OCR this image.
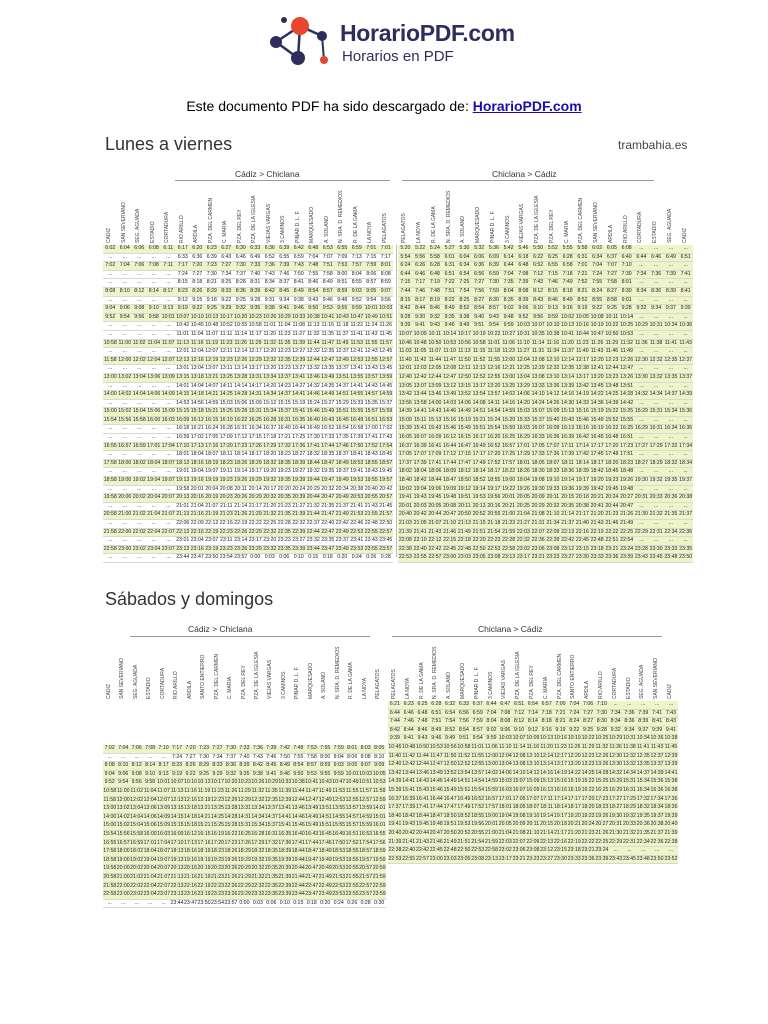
HorarioPDF.com
Horarios en PDF
Este documento PDF ha sido descargado de: HorarioPDF.com
Lunes a viernes	trambahia.es
Cádiz > Chiclana	Chiclana > Cádiz
CADIZ SAN SEVERIANO SEG. AGUADA ESTADIO CORTADURA RIO ARILLO ARDILA PZA. DEL CARMEN C. MARIA PZA. DEL REY PZA. DE LA IGLESIA VIEJAS VARGAS 3 CAMINOS PINAR D. L. F. MARQUESADO A. SOLANO N. SRA. D. REMEDIOS R. DE LA GAMA LA NOYA PELAGATOS	PELAGATOS LA NOYA R. DE LA GAMA N. SRA. D. REMEDIOS A. SOLANO MARQUESADO PINAR D. L. F. 3 CAMINOS VIEJAS VARGAS PZA. DE LA IGLESIA PZA. DEL REY C. MARIA PZA. DEL CARMEN SAN SEVERIANO ARDILA RIO ARILLO CORTADURA ESTADIO SEG. AGUADA CADIZ
6:02	6:04	6:06	6:08	6:11	6:17	6:20	6:23	6:27	6:30	6:33	6:36	6:39	6:42	6:48	6:53	6:55	6:59	7:01	7:01
...	...	...	...	...	6:33	6:36	6:39	6:43	6:46	6:49	6:52	6:55	6:59	7:04	7:07	7:09	7:13	7:15	7:17
7:02	7:04	7:06	7:08	7:11	7:17	7:20	7:23	7:27	7:30	7:33	7:36	7:39	7:43	7:48	7:51	7:53	7:57	7:59	8:01
...	...	...	...	...	7:24	7:27	7:30	7:34	7:37	7:40	7:43	7:46	7:50	7:55	7:58	8:00	8:04	8:06	8:08
...	...	...	...	...	8:15	8:18	8:21	8:25	8:28	8:31	8:34	8:37	8:41	8:46	8:49	8:51	8:55	8:57	8:59
8:08	8:10	8:12	8:14	8:17	8:23	8:26	8:29	8:33	8:36	8:39	8:42	8:45	8:49	8:54	8:57	8:59	9:03	9:05	9:07
...	...	...	...	...	9:12	9:15	9:18	9:22	9:25	9:28	9:31	9:34	9:38	9:43	9:46	9:48	9:52	9:54	9:56
9:04	9:06	9:08	9:10	9:13	9:19	9:22	9:25	9:29	9:32	9:35	9:38	9:41	9:46	9:50	9:53	9:55	9:59	10:01	10:03
9:52	9:54	9:56	9:58	10:01	10:07	10:10	10:13	10:17	10:20	10:23	10:26	10:29	10:33	10:38	10:41	10:43	10:47	10:49	10:51
...	...	...	...	...	10:42	10:45	10:48	10:52	10:55	10:58	11:01	11:04	11:08	11:13	11:16	11:18	11:22	11:24	11:26
...	...	...	...	...	11:01	11:04	11:07	11:11	11:14	11:17	11:20	11:23	11:27	11:32	11:35	11:37	11:41	11:43	11:45
10:58	11:00	11:02	11:04	11:07	11:13	11:16	11:19	11:23	11:26	11:29	11:32	11:35	11:39	11:44	11:47	11:49	11:53	11:55	11:57
...	...	...	...	...	12:01	12:04	12:07	12:11	12:14	12:17	12:20	12:23	12:27	12:32	12:35	12:37	12:41	12:43	12:45
11:58	12:00	12:02	12:04	12:07	12:13	12:16	12:19	12:23	12:26	12:29	12:32	12:35	12:39	12:44	12:47	12:49	12:53	12:55	12:57
...	...	...	...	...	13:01	13:04	13:07	13:11	13:14	13:17	13:20	13:23	13:27	13:32	13:35	13:37	13:41	13:43	13:45
13:00	13:02	13:04	13:06	13:09	13:15	13:18	13:21	13:25	13:28	13:31	13:34	13:37	13:41	13:46	13:49	13:51	13:55	13:57	13:59
...	...	...	...	...	14:01	14:04	14:07	14:11	14:14	14:17	14:20	14:23	14:27	14:32	14:35	14:37	14:41	14:43	14:45
14:00	14:02	14:04	14:06	14:09	14:15	14:18	14:21	14:25	14:28	14:31	14:34	14:37	14:41	14:46	14:49	14:51	14:55	14:57	14:59
...	...	...	...	...	14:53	14:56	14:59	15:03	15:06	15:09	15:12	15:15	15:19	15:24	15:27	15:29	15:33	15:35	15:37
15:00	15:02	15:04	15:06	15:09	15:15	15:18	15:21	15:25	15:28	15:31	15:34	15:37	15:41	15:46	15:49	15:51	15:55	15:57	15:59
15:54	15:56	15:58	16:00	16:03	16:09	16:12	16:15	16:19	16:22	16:25	16:28	16:31	16:35	16:40	16:43	16:45	16:49	16:51	16:53
...	...	...	...	...	16:18	16:21	16:24	16:28	16:31	16:34	16:37	16:40	16:44	16:49	16:52	16:54	16:58	17:00	17:02
...	...	...	...	...	16:59	17:02	17:05	17:09	17:12	17:15	17:18	17:21	17:25	17:30	17:33	17:35	17:39	17:41	17:43
16:55	16:57	16:59	17:01	17:04	17:10	17:13	17:16	17:20	17:23	17:26	17:29	17:32	17:36	17:41	17:44	17:46	17:50	17:52	17:54
...	...	...	...	...	18:01	18:04	18:07	18:11	18:14	18:17	18:20	18:23	18:27	18:32	18:35	18:37	18:41	18:43	18:45
17:58	18:00	18:02	18:04	18:07	18:13	18:16	18:19	18:23	18:26	18:29	18:32	18:35	18:39	18:44	18:47	18:49	18:53	18:55	18:57
...	...	...	...	...	19:01	19:04	19:07	19:11	19:14	19:17	19:20	19:23	19:27	19:32	19:35	19:37	19:41	19:43	19:45
18:58	19:00	19:02	19:04	19:07	19:13	19:16	19:19	19:23	19:26	19:29	19:32	19:35	19:39	19:44	19:47	19:49	19:53	19:55	19:57
...	...	...	...	...	19:58	20:01	20:04	20:08	20:11	20:14	20:17	20:20	20:24	20:29	20:32	20:34	20:38	20:40	20:42
19:58	20:00	20:02	20:04	20:07	20:13	20:16	20:19	20:23	20:26	20:29	20:32	20:35	20:39	20:44	20:47	20:49	20:53	20:55	20:57
...	...	...	...	...	21:01	21:04	21:07	21:11	21:14	21:17	21:20	21:23	21:27	21:32	21:35	21:37	21:41	21:43	21:45
20:58	21:00	21:02	21:04	21:07	21:13	21:16	21:19	21:23	21:26	21:29	21:32	21:35	21:39	21:44	21:47	21:49	21:53	21:55	21:57
...	...	...	...	...	22:06	22:09	22:12	22:16	22:19	22:22	22:25	22:28	22:32	22:37	22:40	22:42	22:46	22:48	22:50
21:58	22:00	22:02	22:04	22:07	22:13	22:16	22:19	22:23	22:26	22:29	22:32	22:35	22:39	22:44	22:47	22:49	22:53	22:55	22:57
...	...	...	...	...	23:01	23:04	23:07	23:11	23:14	23:17	23:20	23:23	23:27	23:32	23:35	23:37	23:41	23:43	23:45
22:58	23:00	23:02	23:04	23:07	23:13	23:16	23:19	23:23	23:26	23:29	23:32	23:35	23:39	23:44	23:47	23:49	23:53	23:55	23:57
...	...	...	...	...	23:44	23:47	23:50	23:54	23:57	0:00	0:03	0:06	0:10	0:15	0:18	0:20	0:24	0:26	0:28
5:20	5:22	5:24	5:27	5:30	5:32	5:36	5:42	5:46	5:50	5:52	5:55	5:58	6:02	6:05	6:08	...	...	...	...
5:54	5:56	5:58	6:01	6:04	6:06	6:09	6:14	6:18	6:22	6:25	6:28	6:31	6:34	6:37	6:40	6:44	6:46	6:49	6:51
6:24	6:26	6:28	6:31	6:34	6:36	6:39	6:44	6:48	6:52	6:55	6:58	7:01	7:04	7:07	7:10	...	...	...	...
6:44	6:46	6:48	6:51	6:54	6:56	6:59	7:04	7:08	7:12	7:15	7:18	7:21	7:24	7:27	7:30	7:34	7:36	7:39	7:41
7:15	7:17	7:19	7:22	7:25	7:27	7:30	7:35	7:39	7:43	7:46	7:49	7:52	7:55	7:58	8:01	...	...	...	...
7:44	7:46	7:48	7:51	7:54	7:56	7:59	8:04	8:08	8:12	8:15	8:18	8:21	8:24	8:27	8:30	8:34	8:36	8:39	8:41
8:15	8:17	8:19	8:22	8:25	8:27	8:30	8:35	8:39	8:43	8:46	8:49	8:52	8:55	8:58	9:01	...	...	...	...
8:42	8:44	8:46	8:49	8:52	8:54	8:57	9:02	9:06	9:10	9:13	9:16	9:19	9:22	9:25	9:28	9:32	9:34	9:37	9:39
9:28	9:30	9:32	9:35	9:38	9:40	9:43	9:48	9:52	9:56	9:59	10:02	10:05	10:08	10:11	10:14	...	...	...	...
9:39	9:41	9:43	9:46	9:49	9:51	9:54	9:59	10:03	10:07	10:10	10:13	10:16	10:19	10:22	10:25	10:29	10:31	10:34	10:36
10:07	10:09	10:11	10:14	10:17	10:19	10:22	10:27	10:31	10:35	10:38	10:41	10:44	10:47	10:50	10:53	...	...	...	...
10:46	10:48	10:50	10:53	10:56	10:58	11:01	11:06	11:10	11:14	11:16	11:20	11:23	11:26	11:29	11:32	11:36	11:38	11:41	11:43
11:03	11:05	11:07	11:10	11:13	11:15	11:18	11:23	11:27	11:31	11:34	11:37	11:40	11:43	11:46	11:49	...	...	...	...
11:40	11:42	11:44	11:47	11:50	11:52	11:55	12:00	12:04	12:08	12:10	12:14	12:17	12:20	12:23	12:26	12:30	12:32	12:35	12:37
12:01	12:03	12:05	12:08	12:11	12:13	12:16	12:21	12:25	12:29	12:32	12:35	12:38	12:41	12:44	12:47	...	...	...	...
12:40	12:42	12:44	12:47	12:50	12:52	12:55	13:00	13:04	13:08	13:10	13:14	13:17	13:20	13:23	13:26	13:30	13:32	13:35	13:37
13:05	13:07	13:09	13:12	13:15	13:17	13:20	13:25	13:29	13:33	13:36	13:39	13:42	13:45	13:48	13:51	...	...	...	...
13:42	13:44	13:46	13:49	13:52	13:54	13:57	14:02	14:06	14:10	14:12	14:16	14:19	14:22	14:25	14:28	14:32	14:34	14:37	14:39
13:56	13:58	14:00	14:03	14:06	14:08	14:11	14:16	14:20	14:24	14:26	14:30	14:33	14:36	14:39	14:42	...	...	...	...
14:39	14:41	14:43	14:46	14:49	14:51	14:54	14:59	15:03	15:07	15:09	15:13	15:16	15:19	15:22	15:25	15:29	15:31	15:34	15:36
15:09	15:11	15:13	15:16	15:19	15:21	15:24	15:29	15:33	15:37	15:40	15:43	15:46	15:49	15:52	15:55	...	...	...	...
15:39	15:41	15:43	15:46	15:49	15:51	15:54	15:59	16:03	16:07	16:09	16:13	16:16	16:19	16:22	16:25	16:29	16:31	16:34	16:36
16:05	16:07	16:09	16:12	16:15	16:17	16:20	16:25	16:29	16:33	16:36	16:39	16:42	16:45	16:48	16:51	...	...	...	...
16:37	16:39	16:41	16:44	16:47	16:49	16:52	16:57	17:01	17:05	17:07	17:11	17:14	17:17	17:20	17:23	17:27	17:29	17:32	17:34
17:05	17:07	17:09	17:12	17:15	17:17	17:20	17:25	17:29	17:33	17:36	17:39	17:42	17:45	17:48	17:51	...	...	...	...
17:37	17:39	17:41	17:44	17:47	17:49	17:52	17:57	18:01	18:05	18:07	18:11	18:14	18:17	18:20	18:23	18:27	18:29	18:32	18:34
18:02	18:04	18:06	18:09	18:12	18:14	18:17	18:22	18:26	18:30	18:33	18:36	18:39	18:42	18:45	18:48	...	...	...	...
18:40	18:42	18:44	18:47	18:50	18:52	18:55	19:00	19:04	19:08	19:10	19:14	19:17	19:20	19:23	19:26	19:30	19:32	19:35	19:37
19:02	19:04	19:06	19:09	19:12	19:14	19:17	19:22	19:26	19:30	19:33	19:36	19:39	19:42	19:45	19:48	...	...	...	...
19:41	19:43	19:45	19:48	19:51	19:53	19:56	20:01	20:05	20:09	20:11	20:15	20:18	20:21	20:24	20:27	20:31	20:33	20:36	20:38
20:01	20:03	20:05	20:08	20:11	20:13	20:16	20:21	20:25	20:29	20:32	20:35	20:38	20:41	20:44	20:47	...	...	...	...
20:40	20:42	20:44	20:47	20:50	20:52	20:55	21:00	21:04	21:08	21:10	21:14	21:17	21:20	21:23	21:26	21:30	21:32	21:35	21:37
21:03	21:05	21:07	21:10	21:13	21:15	21:18	21:23	21:27	21:31	21:34	21:37	21:40	21:43	21:46	21:49	...	...	...	...
21:39	21:41	21:43	21:46	21:49	21:51	21:54	21:59	22:03	22:07	22:09	22:13	22:16	22:19	22:22	22:25	22:29	22:31	22:34	22:36
22:08	22:10	22:12	22:15	22:18	22:20	22:23	22:28	22:32	22:36	22:39	22:42	22:45	22:48	22:51	22:54	...	...	...	...
22:38	22:40	22:42	22:45	22:48	22:50	22:53	22:58	23:02	23:06	23:08	23:12	23:15	23:18	23:21	23:24	23:28	23:30	23:33	23:35
22:53	22:55	22:57	23:00	23:03	23:05	23:08	23:13	23:17	23:21	23:23	23:27	23:30	23:33	23:36	23:39	23:43	23:45	23:48	23:50
Sábados y domingos
Cádiz > Chiclana	Chiclana > Cádiz
CADIZ SAN SEVERIANO SEG. AGUADA ESTADIO CORTADURA RIO ARILLO ARDILA SANTO ENTIERRO PZA. DEL CARMEN C. MARIA PZA. DEL REY PZA. DE LA IGLESIA VIEJAS VARGAS 3 CAMINOS PINAR D. L. F. MARQUESADO A. SOLANO N. SRA. D. REMEDIOS R. DE LA GAMA LA NOYA PELAGATOS PELAGATOS LA NOYA R. DE LA GAMA N. SRA. D. REMEDIOS A. SOLANO MARQUESADO PINAR D. L. F. 3 CAMINOS VIEJAS VARGAS PZA. DE LA IGLESIA PZA. DEL REY C. MARIA PZA. DEL CARMEN SANTO ENTIERRO ARDILA RIO ARILLO CORTADURA ESTADIO SEG. AGUADA SAN SEVERIANO CADIZ
7:02	7:04	7:06	7:08	7:10	7:17	7:20	7:23	7:27	7:30	7:33	7:36	7:39	7:42	7:48	7:53	7:55	7:59	8:01	8:03	8:05
...	...	...	...	...	7:24	7:27	7:30	7:34	7:37	7:40	7:43	7:46	7:50	7:55	7:58	8:00	8:04	8:06	8:08	8:10
8:08	8:10	8:12	8:14	8:17	8:23	8:26	8:29	8:33	8:36	8:39	8:42	8:45	8:49	8:54	8:57	8:59	9:03	9:05	9:07	9:09
9:04	9:06	9:08	9:10	9:13	9:19	9:22	9:25	9:29	9:32	9:35	9:38	9:41	9:46	9:50	9:53	9:55	9:59	10:01	10:03	10:05
9:52	9:54	9:56	9:58	10:01	10:07	10:10	10:13	10:17	10:20	10:23	10:26	10:29	10:33	10:38	10:41	10:43	10:47	10:49	10:51	10:53
10:58	11:00	11:02	11:04	11:07	11:13	11:16	11:19	11:23	11:26	11:29	11:32	11:35	11:39	11:44	11:47	11:49	11:53	11:55	11:57	11:59
11:58	12:00	12:02	12:04	12:07	12:13	12:16	12:19	12:23	12:26	12:29	12:32	12:35	12:39	12:44	12:47	12:49	12:53	12:55	12:57	12:59
13:00	13:02	13:04	13:06	13:09	13:15	13:18	13:21	13:25	13:28	13:31	13:34	13:37	13:41	13:46	13:49	13:51	13:55	13:57	13:59	14:01
14:00	14:02	14:04	14:06	14:09	14:15	14:18	14:21	14:25	14:28	14:31	14:34	14:37	14:41	14:46	14:49	14:51	14:55	14:57	14:59	15:01
15:00	15:02	15:04	15:06	15:09	15:15	15:18	15:21	15:25	15:28	15:31	15:34	15:37	15:41	15:46	15:49	15:51	15:55	15:57	15:59	16:01
15:54	15:56	15:58	16:00	16:03	16:09	16:12	16:15	16:19	16:22	16:25	16:28	16:31	16:35	16:40	16:43	16:45	16:49	16:51	16:53	16:55
16:55	16:57	16:59	17:01	17:04	17:10	17:13	17:16	17:20	17:23	17:26	17:29	17:32	17:36	17:41	17:44	17:46	17:50	17:52	17:54	17:56
17:58	18:00	18:02	18:04	18:07	18:13	18:16	18:19	18:23	18:26	18:29	18:32	18:35	18:39	18:44	18:47	18:49	18:53	18:55	18:57	18:59
18:58	19:00	19:02	19:04	19:07	19:13	19:16	19:19	19:23	19:26	19:29	19:32	19:35	19:39	19:44	19:47	19:49	19:53	19:55	19:57	19:59
19:58	20:00	20:02	20:04	20:07	20:13	20:16	20:19	20:23	20:26	20:29	20:32	20:35	20:39	20:44	20:47	20:49	20:53	20:55	20:57	20:59
20:58	21:00	21:02	21:04	21:07	21:13	21:16	21:19	21:23	21:26	21:29	21:32	21:35	21:39	21:44	21:47	21:49	21:53	21:55	21:57	21:59
21:58	22:00	22:02	22:04	22:07	22:13	22:16	22:19	22:23	22:26	22:29	22:32	22:35	22:39	22:44	22:47	22:49	22:53	22:55	22:57	22:59
22:58	23:00	23:02	23:04	23:07	23:13	23:16	23:19	23:23	23:26	23:29	23:32	23:35	23:39	23:44	23:47	23:49	23:53	23:55	23:57	23:59
...	...	...	...	...	23:44	23:47	23:50	23:54	23:57	0:00	0:03	0:06	0:10	0:15	0:18	0:20	0:24	0:26	0:28	0:30
6:21	6:23	6:25	6:28	6:32	6:33	6:37	6:44	6:47	6:51	6:54	6:57	7:00	7:04	7:06	7:10	...	...	...	...	...
6:44	6:46	6:48	6:51	6:54	6:56	6:59	7:04	7:08	7:12	7:14	7:18	7:21	7:24	7:27	7:30	7:34	7:36	7:39	7:41	7:43
7:44	7:46	7:48	7:51	7:54	7:56	7:59	8:04	8:08	8:12	8:14	8:18	8:21	8:24	8:27	8:30	8:34	8:36	8:39	8:41	8:43
8:42	8:44	8:46	8:49	8:52	8:54	8:57	9:02	9:06	9:10	9:12	9:16	9:19	9:22	9:25	9:28	9:32	9:34	9:37	9:39	9:41
9:39	9:41	9:43	9:46	9:49	9:51	9:54	9:59	10:03	10:07	10:09	10:13	10:16	10:19	10:22	10:25	10:29	10:31	10:34	10:36	10:38
10:46	10:48	10:50	10:53	10:56	10:58	11:01	11:06	11:10	11:14	11:16	11:20	11:23	11:26	11:29	11:32	11:36	11:38	11:41	11:43	11:45
11:40	11:42	11:44	11:47	11:50	11:52	11:55	12:00	12:04	12:08	12:10	12:14	12:17	12:20	12:23	12:26	12:30	12:32	12:35	12:37	12:39
12:40	12:42	12:44	12:47	12:50	12:52	12:55	13:00	13:04	13:08	13:10	13:14	13:17	13:20	13:23	13:26	13:30	13:32	13:35	13:37	13:39
13:42	13:44	13:46	13:49	13:52	13:54	13:57	14:02	14:06	14:10	14:12	14:16	14:19	14:22	14:25	14:28	14:32	14:34	14:37	14:39	14:41
14:39	14:41	14:43	14:46	14:49	14:51	14:54	14:59	15:03	15:07	15:09	15:13	15:16	15:19	15:22	15:25	15:29	15:31	15:34	15:36	15:38
15:39	15:41	15:43	15:46	15:49	15:51	15:54	15:59	16:03	16:07	16:09	16:13	16:16	16:19	16:22	16:25	16:29	16:31	16:34	16:36	16:38
16:37	16:39	16:41	16:44	16:47	16:49	16:52	16:57	17:01	17:05	17:07	17:11	17:14	17:17	17:20	17:23	17:27	17:29	17:32	17:34	17:36
17:37	17:39	17:41	17:44	17:47	17:49	17:52	17:57	18:01	18:05	18:07	18:11	18:14	18:17	18:20	18:23	18:27	18:29	18:32	18:34	18:36
18:40	18:42	18:44	18:47	18:50	18:52	18:55	19:00	19:04	19:08	19:10	19:14	19:17	19:20	19:23	19:26	19:30	19:32	19:35	19:37	19:39
19:41	19:43	19:45	19:48	19:51	19:53	19:56	20:01	20:05	20:09	20:11	20:15	20:18	20:21	20:24	20:27	20:31	20:33	20:36	20:38	20:40
20:40	20:42	20:44	20:47	20:50	20:52	20:55	21:00	21:04	21:08	21:10	21:14	21:17	21:20	21:23	21:26	21:30	21:32	21:35	21:37	21:39
21:39	21:41	21:43	21:46	21:49	21:51	21:54	21:59	22:03	22:07	22:09	22:13	22:16	22:19	22:22	22:25	22:29	22:31	22:34	22:36	22:38
22:38	22:40	22:42	22:45	22:48	22:50	22:53	22:58	23:02	23:06	23:08	23:12	23:15	23:18	23:21	23:24	...	...	...	...	...
22:53	22:55	22:57	23:00	23:03	23:05	23:08	23:13	23:17	23:21	23:23	23:27	23:30	23:33	23:36	23:39	23:43	23:45	23:48	23:50	23:52
